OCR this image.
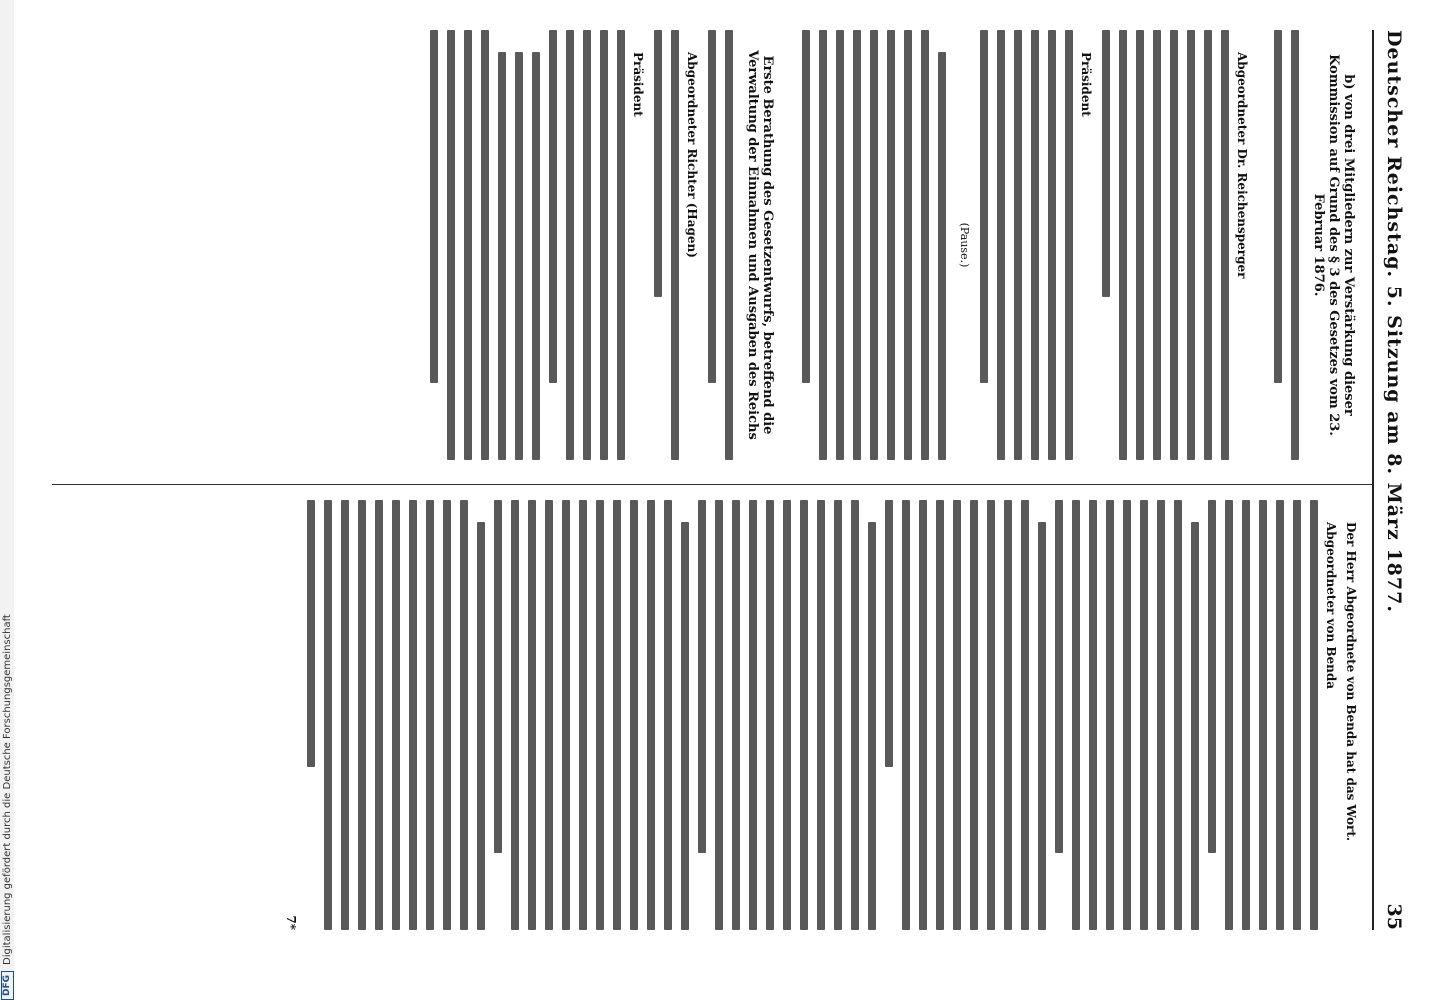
Deutscher Reichstag. 5. Sitzung am 8. März 1877.
35
b) von drei Mitgliedern zur Verstärkung dieser Kommission auf Grund des § 3 des Gesetzes vom 23. Februar 1876.
Abgeordneter Dr. Reichensperger
Präsident
(Pause.)
Erste Berathung des Gesetzentwurfs, betreffend die Verwaltung der Einnahmen und Ausgaben des Reichs
Abgeordneter Richter (Hagen)
Präsident
Der Herr Abgeordnete von Benda hat das Wort.
Abgeordneter von Benda
7*
DFG
Digitalisierung gefördert durch die Deutsche Forschungsgemeinschaft
